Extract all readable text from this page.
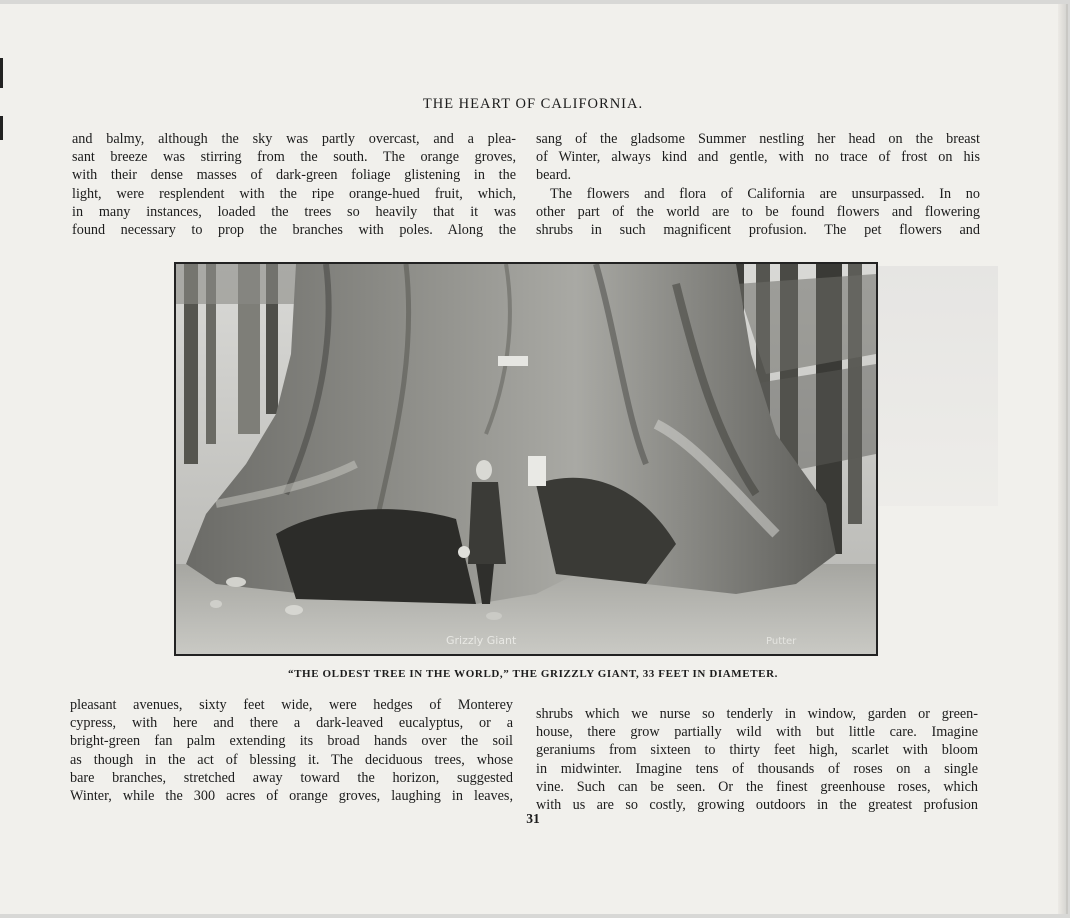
THE HEART OF CALIFORNIA.
and balmy, although the sky was partly overcast, and a plea-
sant breeze was stirring from the south. The orange groves,
with their dense masses of dark-green foliage glistening in the
light, were resplendent with the ripe orange-hued fruit, which,
in many instances, loaded the trees so heavily that it was
found necessary to prop the branches with poles. Along the
sang of the gladsome Summer nestling her head on the breast
of Winter, always kind and gentle, with no trace of frost on his
beard.
The flowers and flora of California are unsurpassed. In no
other part of the world are to be found flowers and flowering
shrubs in such magnificent profusion. The pet flowers and
Grizzly Giant	Putter
“THE OLDEST TREE IN THE WORLD,” THE GRIZZLY GIANT, 33 FEET IN DIAMETER.
pleasant avenues, sixty feet wide, were hedges of Monterey
cypress, with here and there a dark-leaved eucalyptus, or a
bright-green fan palm extending its broad hands over the soil
as though in the act of blessing it. The deciduous trees, whose
bare branches, stretched away toward the horizon, suggested
Winter, while the 300 acres of orange groves, laughing in leaves,
shrubs which we nurse so tenderly in window, garden or green-
house, there grow partially wild with but little care. Imagine
geraniums from sixteen to thirty feet high, scarlet with bloom
in midwinter. Imagine tens of thousands of roses on a single
vine. Such can be seen. Or the finest greenhouse roses, which
with us are so costly, growing outdoors in the greatest profusion
31
